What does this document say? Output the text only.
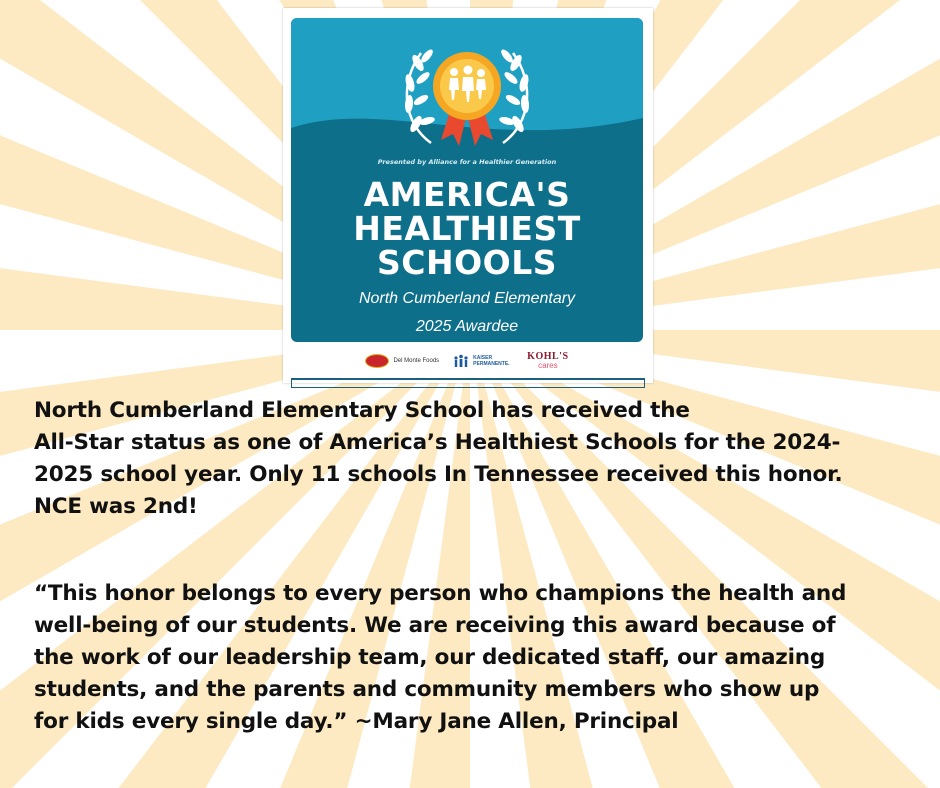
Presented by Alliance for a Healthier Generation
AMERICA'S
HEALTHIEST
SCHOOLS
North Cumberland Elementary
2025 Awardee
Del Monte Foods	KAISER
PERMANENTE.
KOHL'S
cares

North Cumberland Elementary School has received the

All-Star status as one of America’s Healthiest Schools for the 2024-

2025 school year. Only 11 schools In Tennessee received this honor.

NCE was 2nd!

“This honor belongs to every person who champions the health and

well-being of our students. We are receiving this award because of

the work of our leadership team, our dedicated staff, our amazing

students, and the parents and community members who show up

for kids every single day.” ~Mary Jane Allen, Principal
